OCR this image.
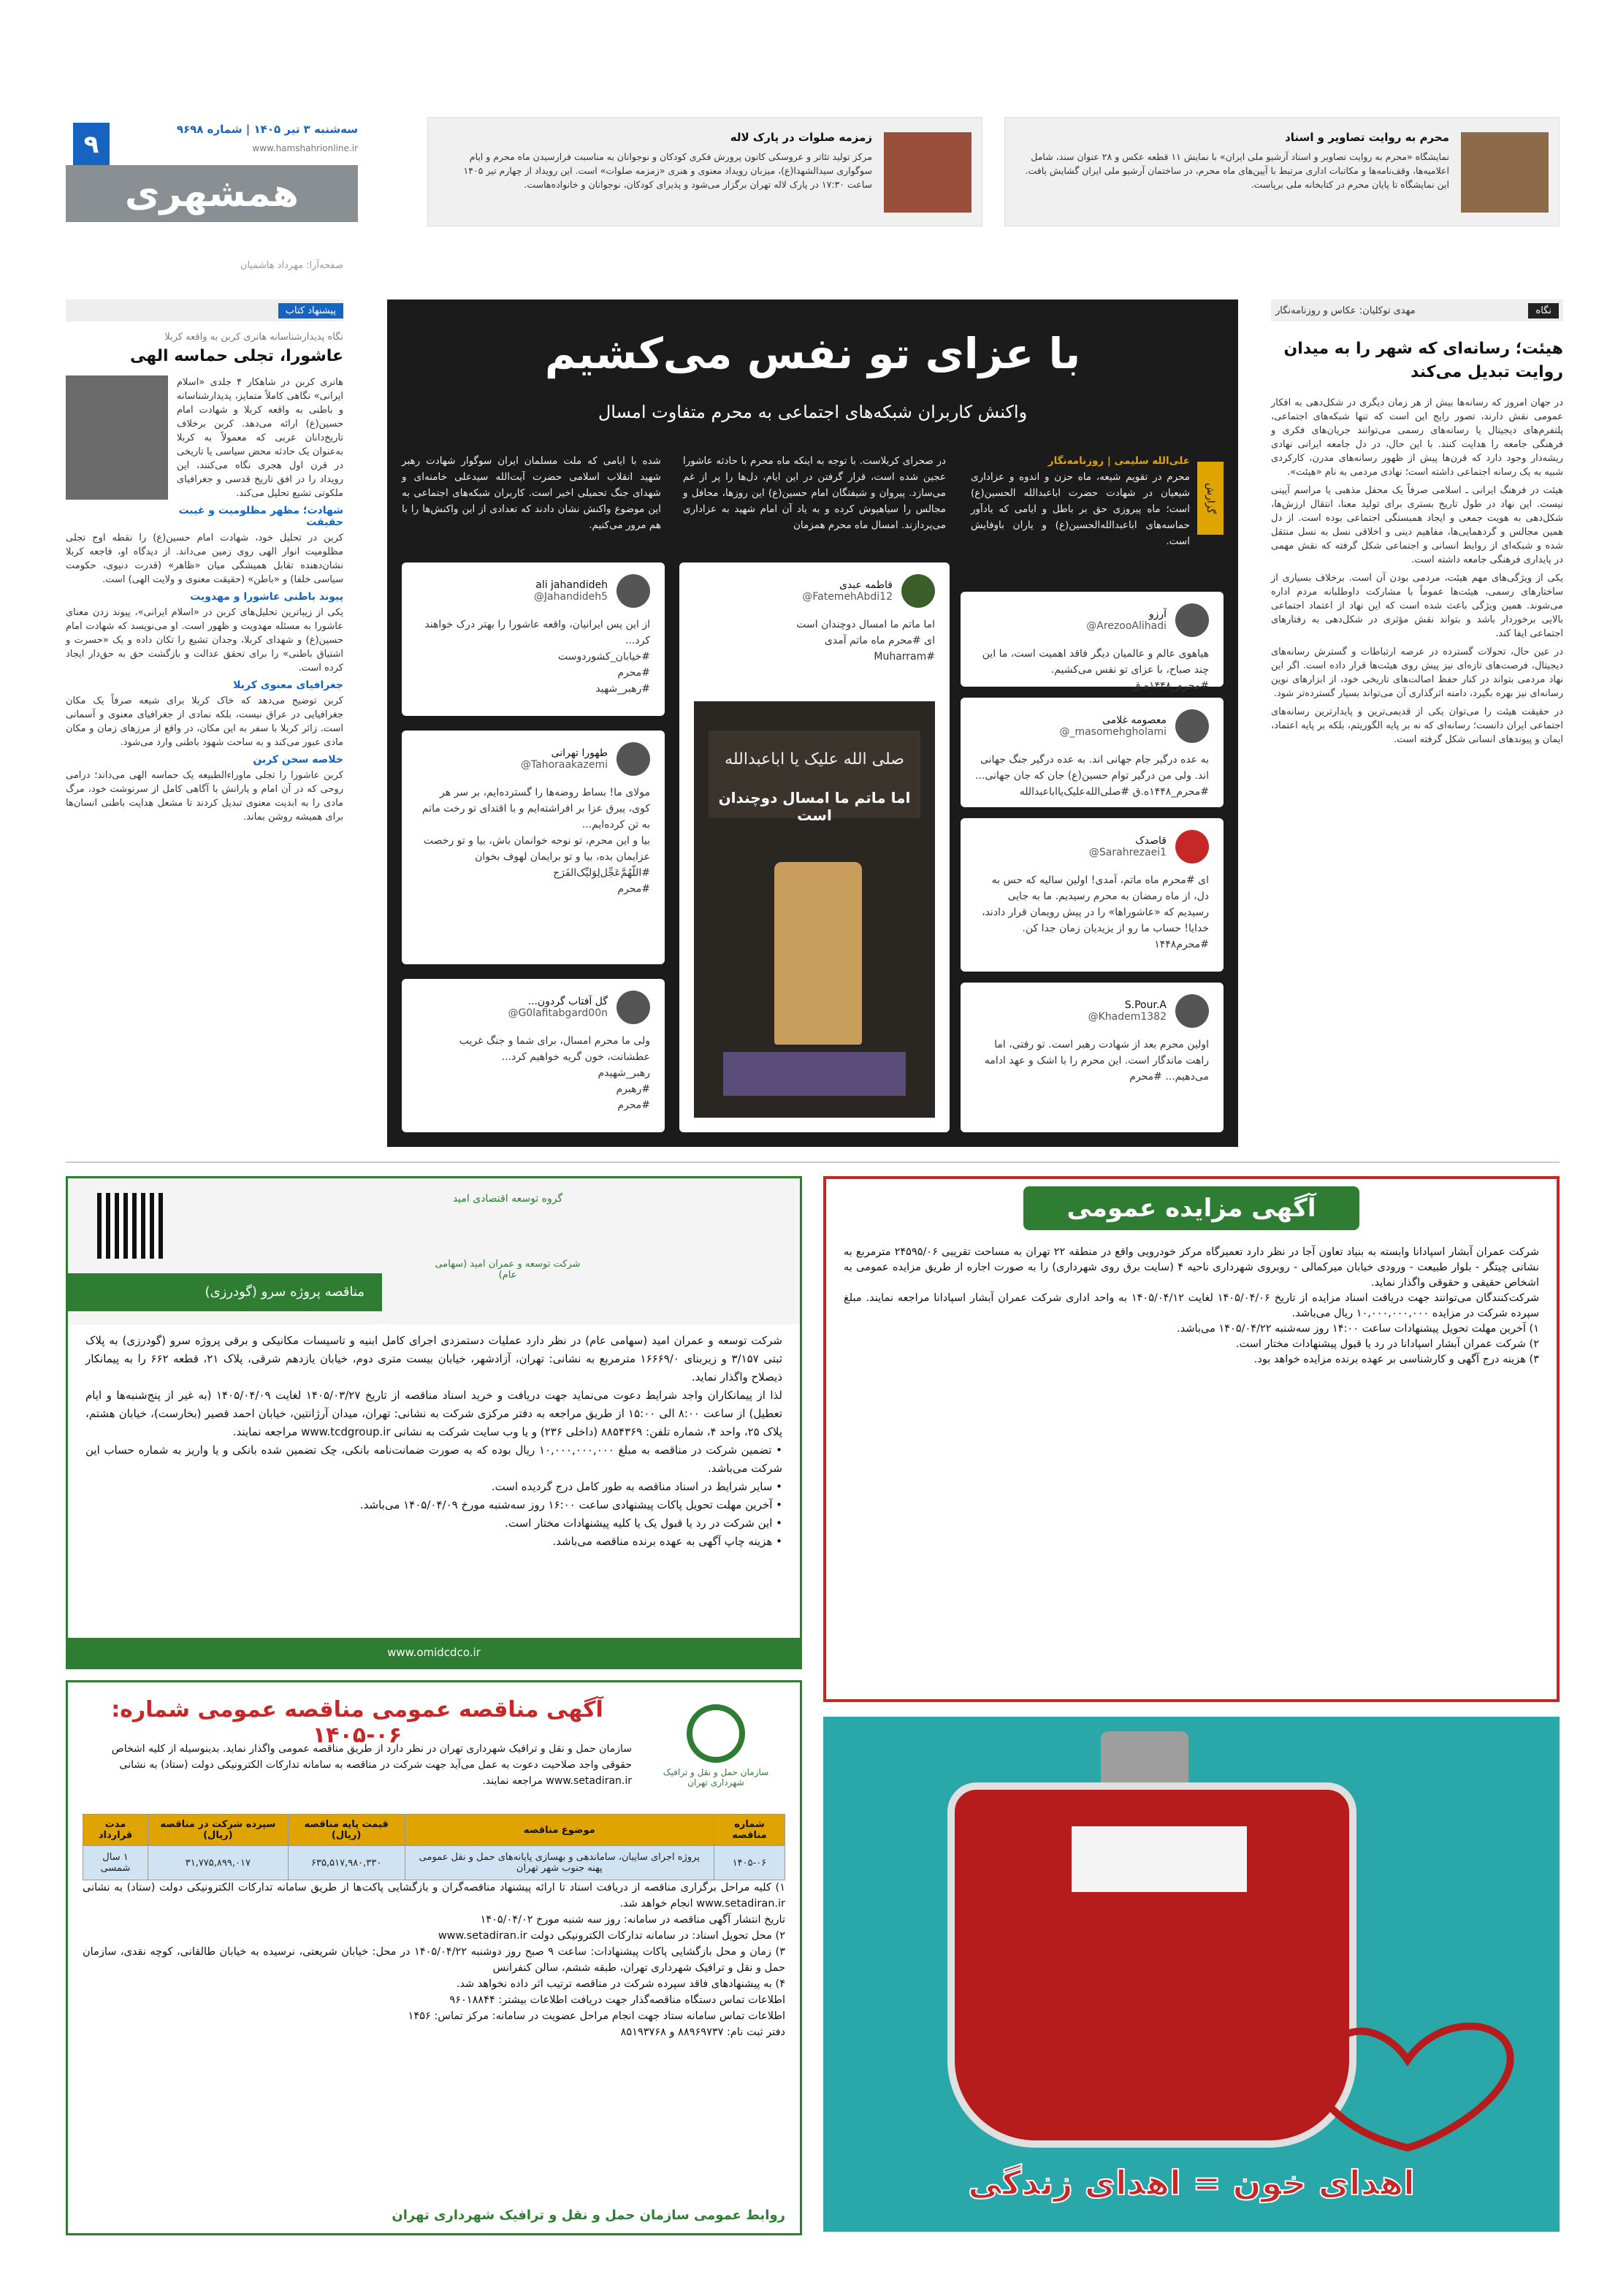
۹
سه‌شنبه ۳ تیر ۱۴۰۵ | شماره ۹۶۹۸
www.hamshahrionline.ir
همشهری
صفحه‌آرا: مهرداد هاشمیان
محرم به روایت تصاویر و اسناد

نمایشگاه «محرم به روایت تصاویر و اسناد آرشیو ملی ایران» با نمایش ۱۱ قطعه عکس و ۲۸ عنوان سند، شامل اعلامیه‌ها، وقف‌نامه‌ها و مکاتبات اداری مرتبط با آیین‌های ماه محرم، در ساختمان آرشیو ملی ایران گشایش یافت. این نمایشگاه تا پایان محرم در کتابخانه ملی برپاست.

زمزمه صلوات در پارک لاله

مرکز تولید تئاتر و عروسکی کانون پرورش فکری کودکان و نوجوانان به مناسبت فرارسیدن ماه محرم و ایام سوگواری سیدالشهدا(ع)، میزبان رویداد معنوی و هنری «زمزمه صلوات» است. این رویداد از چهارم تیر ۱۴۰۵ ساعت ۱۷:۳۰ در پارک لاله تهران برگزار می‌شود و پذیرای کودکان، نوجوانان و خانواده‌هاست.

نگاه
مهدی توکلیان: عکاس و روزنامه‌نگار
هیئت؛ رسانه‌ای که شهر را به میدان روایت تبدیل می‌کند

در جهان امروز که رسانه‌ها بیش از هر زمان دیگری در شکل‌دهی به افکار عمومی نقش دارند، تصور رایج این است که تنها شبکه‌های اجتماعی، پلتفرم‌های دیجیتال یا رسانه‌های رسمی می‌توانند جریان‌های فکری و فرهنگی جامعه را هدایت کنند. با این حال، در دل جامعه ایرانی نهادی ریشه‌دار وجود دارد که قرن‌ها پیش از ظهور رسانه‌های مدرن، کارکردی شبیه به یک رسانه اجتماعی داشته است؛ نهادی مردمی به نام «هیئت».

هیئت در فرهنگ ایرانی ـ اسلامی صرفاً یک محفل مذهبی یا مراسم آیینی نیست. این نهاد در طول تاریخ بستری برای تولید معنا، انتقال ارزش‌ها، شکل‌دهی به هویت جمعی و ایجاد همبستگی اجتماعی بوده است. از دل همین مجالس و گردهمایی‌ها، مفاهیم دینی و اخلاقی نسل به نسل منتقل شده و شبکه‌ای از روابط انسانی و اجتماعی شکل گرفته که نقش مهمی در پایداری فرهنگی جامعه داشته است.

یکی از ویژگی‌های مهم هیئت، مردمی بودن آن است. برخلاف بسیاری از ساختارهای رسمی، هیئت‌ها عموماً با مشارکت داوطلبانه مردم اداره می‌شوند. همین ویژگی باعث شده است که این نهاد از اعتماد اجتماعی بالایی برخوردار باشد و بتواند نقش مؤثری در شکل‌دهی به رفتارهای اجتماعی ایفا کند.

در عین حال، تحولات گسترده در عرصه ارتباطات و گسترش رسانه‌های دیجیتال، فرصت‌های تازه‌ای نیز پیش روی هیئت‌ها قرار داده است. اگر این نهاد مردمی بتواند در کنار حفظ اصالت‌های تاریخی خود، از ابزارهای نوین رسانه‌ای نیز بهره بگیرد، دامنه اثرگذاری آن می‌تواند بسیار گسترده‌تر شود.

در حقیقت هیئت را می‌توان یکی از قدیمی‌ترین و پایدارترین رسانه‌های اجتماعی ایران دانست؛ رسانه‌ای که نه بر پایه الگوریتم، بلکه بر پایه اعتماد، ایمان و پیوندهای انسانی شکل گرفته است.

با عزای تو نفس می‌کشیم
واکنش کاربران شبکه‌های اجتماعی به محرم متفاوت امسال
گزارش
علی‌الله سلیمی | روزنامه‌نگار
محرم در تقویم شیعه، ماه حزن و اندوه و عزاداری شیعیان در شهادت حضرت اباعبدالله الحسین(ع) است؛ ماه پیروزی حق بر باطل و ایامی که یادآور حماسه‌های اباعبدالله‌الحسین(ع) و یاران باوفایش است.
در صحرای کربلاست. با توجه به اینکه ماه محرم با حادثه عاشورا عجین شده است، قرار گرفتن در این ایام، دل‌ها را پر از غم می‌سازد. پیروان و شیفتگان امام حسین(ع) این روزها، محافل و مجالس را سیاهپوش کرده و به یاد آن امام شهید به عزاداری می‌پردازند. امسال ماه محرم همزمان
شده با ایامی که ملت مسلمان ایران سوگوار شهادت رهبر شهید انقلاب اسلامی حضرت آیت‌الله سیدعلی خامنه‌ای و شهدای جنگ تحمیلی اخیر است. کاربران شبکه‌های اجتماعی به این موضوع واکنش نشان دادند که تعدادی از این واکنش‌ها را با هم مرور می‌کنیم.
آرزو
@ArezooAlihadi
هیاهوی عالم و عالمیان دیگر فاقد اهمیت است، ما این چند صباح، با عزای تو نفس می‌کشیم. #محرم_۱۴۴۸ه.ق
معصومه غلامی
@_masomehgholami
به عده درگیر جام جهانی اند. به عده درگیر جنگ جهانی اند. ولی من درگیر توام حسین(ع) جان که جان جهانی... #محرم_۱۴۴۸ه.ق #صلی‌الله‌علیک‌یااباعبدالله
قاصدک
@Sarahrezaei1
ای #محرم ماه ماتم، آمدی! اولین سالیه که حس به دل، از ماه رمضان به محرم رسیدیم. ما به جایی رسیدیم که «عاشوراها» را در پیش رویمان قرار دادند، خدایا! حساب ما رو از یزیدیان زمان جدا کن. #محرم۱۴۴۸
S.Pour.A
@Khadem1382
اولین محرم بعد از شهادت رهبر است. تو رفتی، اما راهت ماندگار است. این محرم را با اشک و عهد ادامه می‌دهیم... #محرم
فاطمه عبدی
@FatemehAbdi12
اما ماتم ما امسال دوچندان است
ای #محرم ماه ماتم آمدی
#Muharram
صلی الله علیک یا اباعبدالله
اما ماتم ما امسال دوچندان است
ali jahandideh
@Jahandideh5
از این پس ایرانیان، واقعه عاشورا را بهتر درک خواهند کرد...
#خیابان_کشوردوست
#محرم
#رهبر_شهید
طهورا تهرانی
@Tahoraakazemi
مولای ما! بساط روضه‌ها را گسترده‌ایم، بر سر هر کوی، پیرق عزا بر افراشته‌ایم و با اقتدای تو رخت ماتم به تن کرده‌ایم...
بیا و این محرم، تو نوحه خوانمان باش، بیا و تو رخصت عزایمان بده، بیا و تو برایمان لهوف بخوان
#اللّهُمَّ‌عَجِّل‌لِوَلیِّک‌الفَرَج
#محرم
گل آفتاب گردون...
@G0lafitabgard00n
ولی ما محرم امسال، برای شما و جنگ غریب عطشانت، خون گریه خواهیم کرد...
رهبر_شهیدم
#رهبرم
#محرم
پیشنهاد کتاب
نگاه پدیدارشناسانه هانری کربن به واقعه کربلا
عاشورا، تجلی حماسه الهی

هانری کربن در شاهکار ۴ جلدی «اسلام ایرانی» نگاهی کاملاً متمایز، پدیدارشناسانه و باطنی به واقعه کربلا و شهادت امام حسین(ع) ارائه می‌دهد. کربن برخلاف تاریخ‌دانان غربی که معمولاً به کربلا به‌عنوان یک حادثه محض سیاسی یا تاریخی در قرن اول هجری نگاه می‌کنند، این رویداد را در افق تاریخ قدسی و جغرافیای ملکوتی تشیع تحلیل می‌کند.

شهادت؛ مظهر مظلومیت و غیبت حقیقت

کربن در تحلیل خود، شهادت امام حسین(ع) را نقطه اوج تجلی مظلومیت انوار الهی روی زمین می‌داند. از دیدگاه او، فاجعه کربلا نشان‌دهنده تقابل همیشگی میان «ظاهر» (قدرت دنیوی، حکومت سیاسی خلفا) و «باطن» (حقیقت معنوی و ولایت الهی) است.

پیوند باطنی عاشورا و مهدویت

یکی از زیباترین تحلیل‌های کربن در «اسلام ایرانی»، پیوند زدن معنای عاشورا به مسئله مهدویت و ظهور است. او می‌نویسد که شهادت امام حسین(ع) و شهدای کربلا، وجدان تشیع را تکان داده و یک «حسرت و اشتیاق باطنی» را برای تحقق عدالت و بازگشت حق به حق‌دار ایجاد کرده است.

جغرافیای معنوی کربلا

کربن توضیح می‌دهد که خاک کربلا برای شیعه صرفاً یک مکان جغرافیایی در عراق نیست، بلکه نمادی از جغرافیای معنوی و آسمانی است. زائر کربلا با سفر به این مکان، در واقع از مرزهای زمان و مکان مادی عبور می‌کند و به ساحت شهود باطنی وارد می‌شود.

خلاصه سخن کربن

کربن عاشورا را تجلی ماوراءالطبیعه یک حماسه الهی می‌داند؛ درامی روحی که در آن امام و یارانش با آگاهی کامل از سرنوشت خود، مرگ مادی را به ابدیت معنوی تبدیل کردند تا مشعل هدایت باطنی انسان‌ها برای همیشه روشن بماند.

آگهی مزایده عمومی
شرکت عمران آبشار اسپادانا وابسته به بنیاد تعاون آجا در نظر دارد تعمیرگاه مرکز خودرویی واقع در منطقه ۲۲ تهران به مساحت تقریبی ۲۴۵۹۵/۰۶ مترمربع به نشانی چیتگر - بلوار طبیعت - ورودی خیابان میرکمالی - روبروی شهرداری ناحیه ۴ (سایت برق روی شهرداری) را به صورت اجاره از طریق مزایده عمومی به اشخاص حقیقی و حقوقی واگذار نماید.
شرکت‌کنندگان می‌توانند جهت دریافت اسناد مزایده از تاریخ ۱۴۰۵/۰۴/۰۶ لغایت ۱۴۰۵/۰۴/۱۲ به واحد اداری شرکت عمران آبشار اسپادانا مراجعه نمایند. مبلغ سپرده شرکت در مزایده ۱۰,۰۰۰,۰۰۰,۰۰۰ ریال می‌باشد.
۱) آخرین مهلت تحویل پیشنهادات ساعت ۱۴:۰۰ روز سه‌شنبه ۱۴۰۵/۰۴/۲۲ می‌باشد.
۲) شرکت عمران آبشار اسپادانا در رد یا قبول پیشنهادات مختار است.
۳) هزینه درج آگهی و کارشناسی بر عهده برنده مزایده خواهد بود.
اهدای خون = اهدای زندگی
گروه توسعه اقتصادی امید
شرکت توسعه و عمران امید (سهامی عام)
مناقصه پروژه سرو (گودرزی)
شرکت توسعه و عمران امید (سهامی عام) در نظر دارد عملیات دستمزدی اجرای کامل ابنیه و تاسیسات مکانیکی و برقی پروژه سرو (گودرزی) به پلاک ثبتی ۳/۱۵۷ و زیربنای ۱۶۶۶۹/۰ مترمربع به نشانی: تهران، آزادشهر، خیابان بیست متری دوم، خیابان یازدهم شرقی، پلاک ۲۱، قطعه ۶۶۲ را به پیمانکار ذیصلاح واگذار نماید.
لذا از پیمانکاران واجد شرایط دعوت می‌نماید جهت دریافت و خرید اسناد مناقصه از تاریخ ۱۴۰۵/۰۳/۲۷ لغایت ۱۴۰۵/۰۴/۰۹ (به غیر از پنج‌شنبه‌ها و ایام تعطیل) از ساعت ۸:۰۰ الی ۱۵:۰۰ از طریق مراجعه به دفتر مرکزی شرکت به نشانی: تهران، میدان آرژانتین، خیابان احمد قصیر (بخارست)، خیابان هشتم، پلاک ۲۵، واحد ۴، شماره تلفن: ۸۸۵۴۳۶۹ (داخلی ۲۳۶) و یا وب سایت شرکت به نشانی www.tcdgroup.ir مراجعه نمایند.
• تضمین شرکت در مناقصه به مبلغ ۱۰,۰۰۰,۰۰۰,۰۰۰ ریال بوده که به صورت ضمانت‌نامه بانکی، چک تضمین شده بانکی و یا واریز به شماره حساب این شرکت می‌باشد.
• سایر شرایط در اسناد مناقصه به طور کامل درج گردیده است.
• آخرین مهلت تحویل پاکات پیشنهادی ساعت ۱۶:۰۰ روز سه‌شنبه مورخ ۱۴۰۵/۰۴/۰۹ می‌باشد.
• این شرکت در رد یا قبول یک یا کلیه پیشنهادات مختار است.
• هزینه چاپ آگهی به عهده برنده مناقصه می‌باشد.
www.omidcdco.ir
آگهی مناقصه عمومی مناقصه عمومی شماره: ۰۶-۱۴۰۵
سازمان حمل و نقل و ترافیک شهرداری تهران
سازمان حمل و نقل و ترافیک شهرداری تهران در نظر دارد از طریق مناقصه عمومی واگذار نماید. بدینوسیله از کلیه اشخاص حقوقی واجد صلاحیت دعوت به عمل می‌آید جهت شرکت در مناقصه به سامانه تدارکات الکترونیکی دولت (ستاد) به نشانی www.setadiran.ir مراجعه نمایند.
شماره مناقصه	موضوع مناقصه	قیمت پایه مناقصه (ریال)	سپرده شرکت در مناقصه (ریال)	مدت قرارداد
۱۴۰۵-۰۶	پروژه اجرای سایبان، ساماندهی و بهسازی پایانه‌های حمل و نقل عمومی پهنه جنوب شهر تهران	۶۳۵,۵۱۷,۹۸۰,۳۳۰	۳۱,۷۷۵,۸۹۹,۰۱۷	۱ سال شمسی
۱) کلیه مراحل برگزاری مناقصه از دریافت اسناد تا ارائه پیشنهاد مناقصه‌گران و بازگشایی پاکت‌ها از طریق سامانه تدارکات الکترونیکی دولت (ستاد) به نشانی www.setadiran.ir انجام خواهد شد.
تاریخ انتشار آگهی مناقصه در سامانه: روز سه شنبه مورخ ۱۴۰۵/۰۴/۰۲
۲) محل تحویل اسناد: در سامانه تدارکات الکترونیکی دولت www.setadiran.ir
۳) زمان و محل بازگشایی پاکات پیشنهادات: ساعت ۹ صبح روز دوشنبه ۱۴۰۵/۰۴/۲۲ در محل: خیابان شریعتی، نرسیده به خیابان طالقانی، کوچه نقدی، سازمان حمل و نقل و ترافیک شهرداری تهران، طبقه ششم، سالن کنفرانس
۴) به پیشنهادهای فاقد سپرده شرکت در مناقصه ترتیب اثر داده نخواهد شد.
اطلاعات تماس دستگاه مناقصه‌گذار جهت دریافت اطلاعات بیشتر: ۹۶۰۱۸۸۴۴
اطلاعات تماس سامانه ستاد جهت انجام مراحل عضویت در سامانه: مرکز تماس: ۱۴۵۶
دفتر ثبت نام: ۸۸۹۶۹۷۳۷ و ۸۵۱۹۳۷۶۸
روابط عمومی سازمان حمل و نقل و ترافیک شهرداری تهران
